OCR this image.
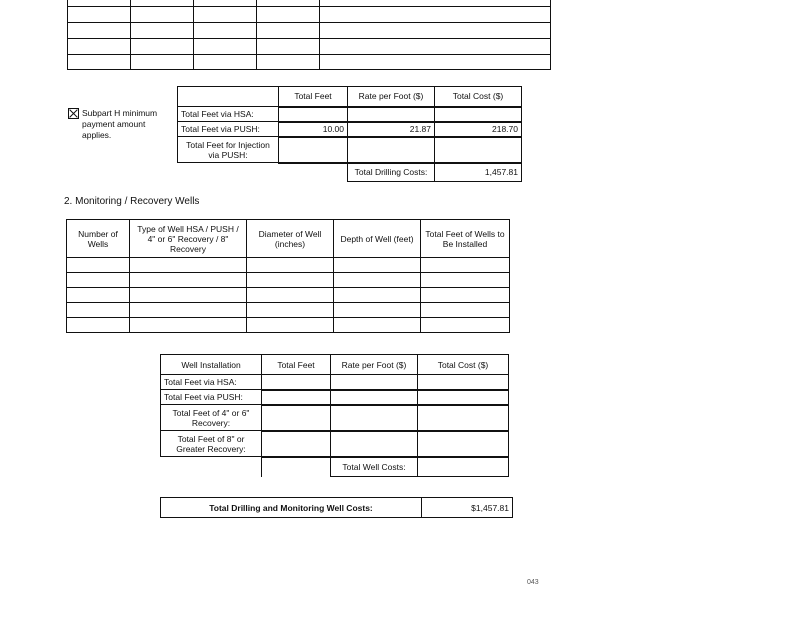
Subpart H minimum payment amount applies.
	Total Feet	Rate per Foot ($)	Total Cost ($)
Total Feet via HSA:			
Total Feet via PUSH:	10.00	21.87	218.70
Total Feet for Injection via PUSH:			
		Total Drilling Costs:	1,457.81
2. Monitoring / Recovery Wells
Number of Wells	Type of Well HSA / PUSH / 4" or 6" Recovery / 8" Recovery	Diameter of Well (inches)	Depth of Well (feet)	Total Feet of Wells to Be Installed

Well Installation	Total Feet	Rate per Foot ($)	Total Cost ($)
Total Feet via HSA:			
Total Feet via PUSH:			
Total Feet of 4" or 6" Recovery:			
Total Feet of 8" or Greater Recovery:			
		Total Well Costs:	
Total Drilling and Monitoring Well Costs:	$1,457.81
043
